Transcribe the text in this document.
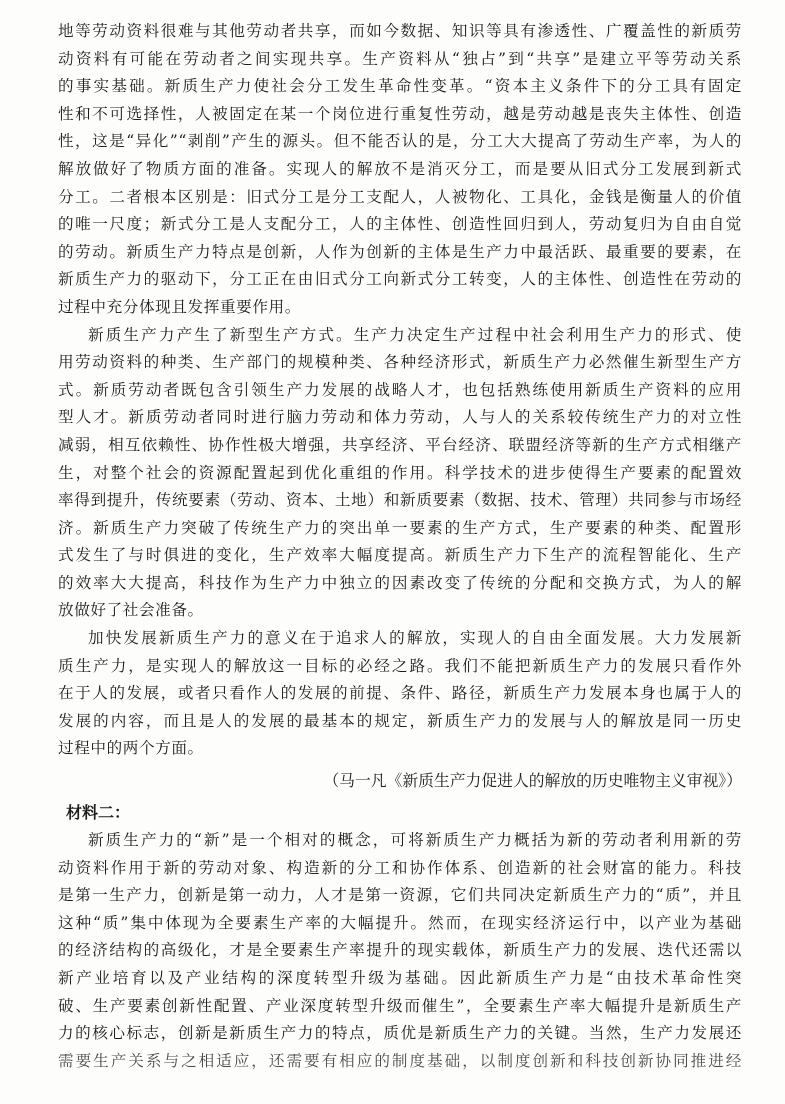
地等劳动资料很难与其他劳动者共享，而如今数据、知识等具有渗透性、广覆盖性的新质劳
动资料有可能在劳动者之间实现共享。生产资料从“独占”到“共享”是建立平等劳动关系
的事实基础。新质生产力使社会分工发生革命性变革。“资本主义条件下的分工具有固定
性和不可选择性，人被固定在某一个岗位进行重复性劳动，越是劳动越是丧失主体性、创造
性，这是“异化”“剥削”产生的源头。但不能否认的是，分工大大提高了劳动生产率，为人的
解放做好了物质方面的准备。实现人的解放不是消灭分工，而是要从旧式分工发展到新式
分工。二者根本区别是：旧式分工是分工支配人，人被物化、工具化，金钱是衡量人的价值
的唯一尺度；新式分工是人支配分工，人的主体性、创造性回归到人，劳动复归为自由自觉
的劳动。新质生产力特点是创新，人作为创新的主体是生产力中最活跃、最重要的要素，在
新质生产力的驱动下，分工正在由旧式分工向新式分工转变，人的主体性、创造性在劳动的
过程中充分体现且发挥重要作用。
新质生产力产生了新型生产方式。生产力决定生产过程中社会利用生产力的形式、使
用劳动资料的种类、生产部门的规模种类、各种经济形式，新质生产力必然催生新型生产方
式。新质劳动者既包含引领生产力发展的战略人才，也包括熟练使用新质生产资料的应用
型人才。新质劳动者同时进行脑力劳动和体力劳动，人与人的关系较传统生产力的对立性
减弱，相互依赖性、协作性极大增强，共享经济、平台经济、联盟经济等新的生产方式相继产
生，对整个社会的资源配置起到优化重组的作用。科学技术的进步使得生产要素的配置效
率得到提升，传统要素（劳动、资本、土地）和新质要素（数据、技术、管理）共同参与市场经
济。新质生产力突破了传统生产力的突出单一要素的生产方式，生产要素的种类、配置形
式发生了与时俱进的变化，生产效率大幅度提高。新质生产力下生产的流程智能化、生产
的效率大大提高，科技作为生产力中独立的因素改变了传统的分配和交换方式，为人的解
放做好了社会准备。
加快发展新质生产力的意义在于追求人的解放，实现人的自由全面发展。大力发展新
质生产力，是实现人的解放这一目标的必经之路。我们不能把新质生产力的发展只看作外
在于人的发展，或者只看作人的发展的前提、条件、路径，新质生产力发展本身也属于人的
发展的内容，而且是人的发展的最基本的规定，新质生产力的发展与人的解放是同一历史
过程中的两个方面。
（马一凡《新质生产力促进人的解放的历史唯物主义审视》）
材料二：
新质生产力的“新”是一个相对的概念，可将新质生产力概括为新的劳动者利用新的劳
动资料作用于新的劳动对象、构造新的分工和协作体系、创造新的社会财富的能力。科技
是第一生产力，创新是第一动力，人才是第一资源，它们共同决定新质生产力的“质”，并且
这种“质”集中体现为全要素生产率的大幅提升。然而，在现实经济运行中，以产业为基础
的经济结构的高级化，才是全要素生产率提升的现实载体，新质生产力的发展、迭代还需以
新产业培育以及产业结构的深度转型升级为基础。因此新质生产力是“由技术革命性突
破、生产要素创新性配置、产业深度转型升级而催生”，全要素生产率大幅提升是新质生产
力的核心标志，创新是新质生产力的特点，质优是新质生产力的关键。当然，生产力发展还
需要生产关系与之相适应，还需要有相应的制度基础，以制度创新和科技创新协同推进经
